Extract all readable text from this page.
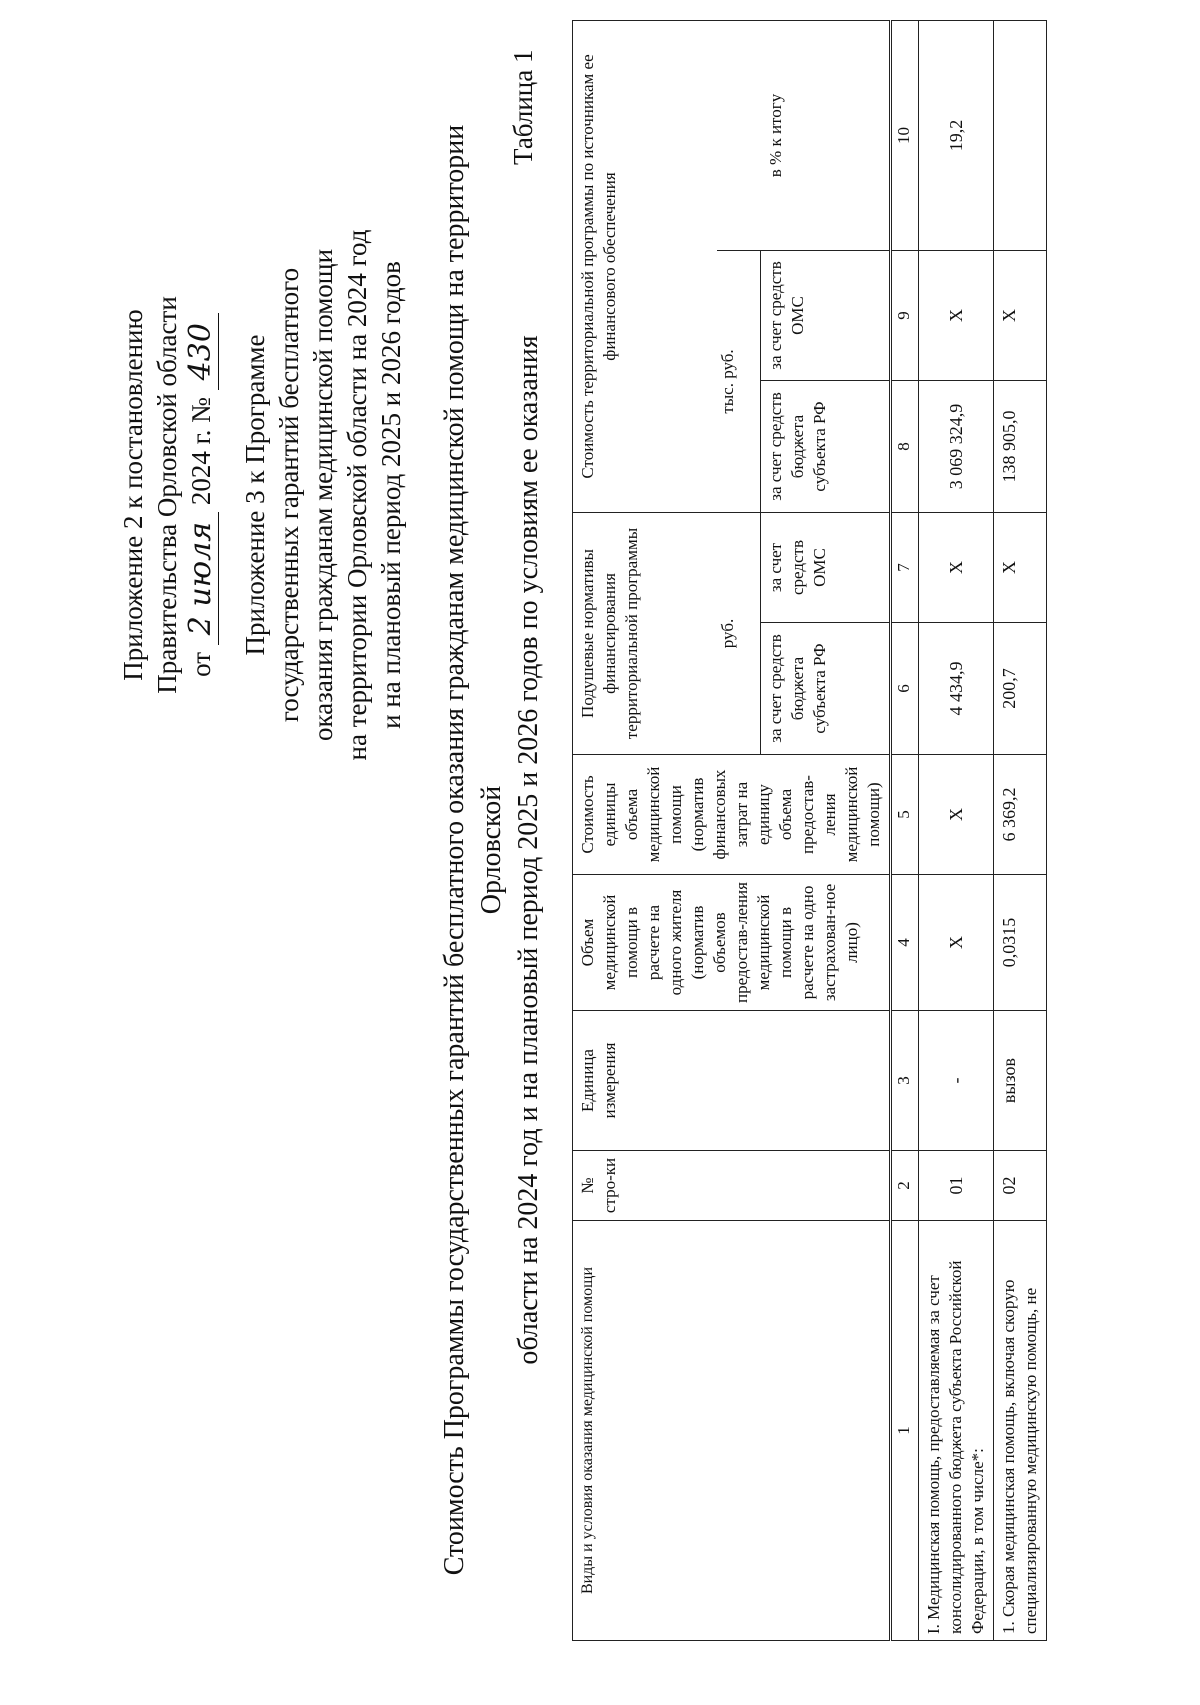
Приложение 2 к постановлению Правительства Орловской области от 2 июля 2024 г. № 430 Приложение 3 к Программе государственных гарантий бесплатного оказания гражданам медицинской помощи на территории Орловской области на 2024 год и на плановый период 2025 и 2026 годов
Таблица 1
Стоимость Программы государственных гарантий бесплатного оказания гражданам медицинской помощи на территории Орловской области на 2024 год и на плановый период 2025 и 2026 годов по условиям ее оказания
Виды и условия оказания медицинской помощи	№ стро-ки	Единица измерения	Объем медицинской помощи в расчете на одного жителя (норматив объемов предостав-ления медицинской помощи в расчете на одно застрахован-ное лицо)	Стоимость единицы объема медицинской помощи (норматив финансовых затрат на единицу объема предостав-ления медицинской помощи)	Подушевые нормативы финансирования территориальной программы		Стоимость территориальной программы по источникам ее финансового обеспечения		
					руб.		тыс. руб.		
					за счет средств бюджета субъекта РФ	за счет средств ОМС	за счет средств бюджета субъекта РФ	за счет средств ОМС	в % к итогу
1	2	3	4	5	6	7	8	9	10
I. Медицинская помощь, предоставляемая за счет консолидированного бюджета субъекта Российской Федерации, в том числе*:	01	-	Х	Х	4 434,9	Х	3 069 324,9	Х	19,2
1. Скорая медицинская помощь, включая скорую специализированную медицинскую помощь, не	02	вызов	0,0315	6 369,2	200,7	Х	138 905,0	Х	
